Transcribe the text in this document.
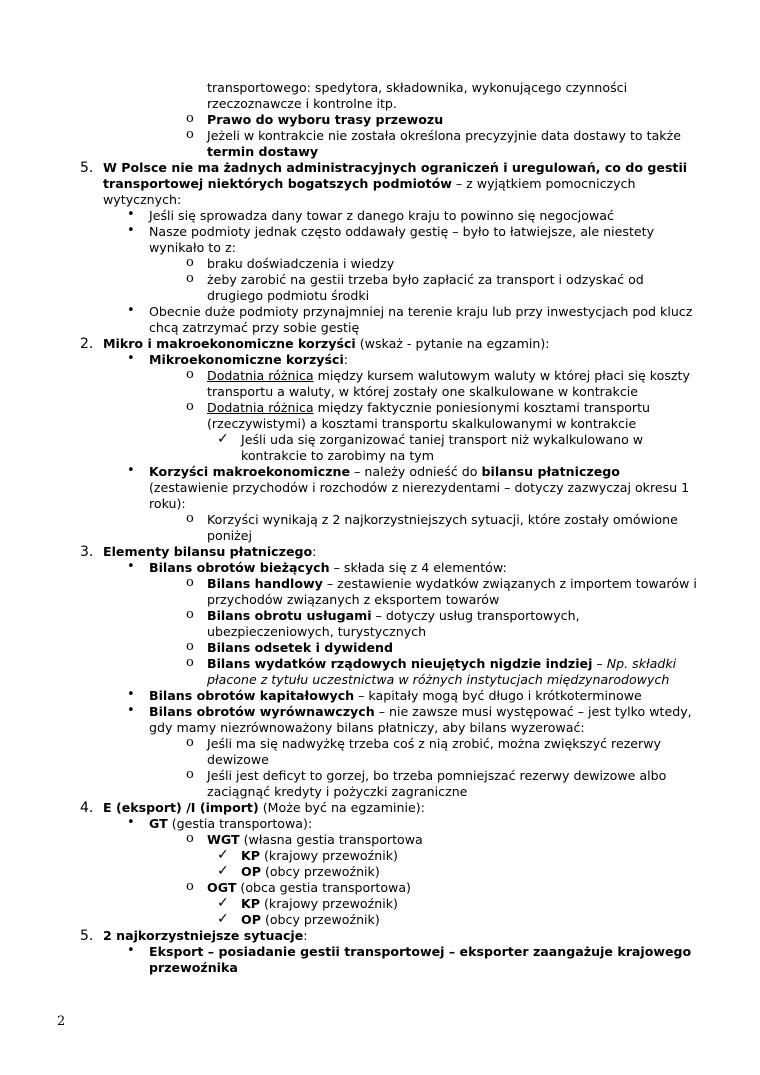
transportowego: spedytora, składownika, wykonującego czynności rzeczoznawcze i kontrolne itp.
o Prawo do wyboru trasy przewozu
o Jeżeli w kontrakcie nie została określona precyzyjnie data dostawy to także termin dostawy
5. W Polsce nie ma żadnych administracyjnych ograniczeń i uregulowań, co do gestii transportowej niektórych bogatszych podmiotów – z wyjątkiem pomocniczych wytycznych:
• Jeśli się sprowadza dany towar z danego kraju to powinno się negocjować
• Nasze podmioty jednak często oddawały gestię – było to łatwiejsze, ale niestety wynikało to z:
o braku doświadczenia i wiedzy
o żeby zarobić na gestii trzeba było zapłacić za transport i odzyskać od drugiego podmiotu środki
• Obecnie duże podmioty przynajmniej na terenie kraju lub przy inwestycjach pod klucz chcą zatrzymać przy sobie gestię
2. Mikro i makroekonomiczne korzyści (wskaż - pytanie na egzamin):
• Mikroekonomiczne korzyści:
o Dodatnia różnica między kursem walutowym waluty w której płaci się koszty transportu a waluty, w której zostały one skalkulowane w kontrakcie
o Dodatnia różnica między faktycznie poniesionymi kosztami transportu (rzeczywistymi) a kosztami transportu skalkulowanymi w kontrakcie
✓ Jeśli uda się zorganizować taniej transport niż wykalkulowano w kontrakcie to zarobimy na tym
• Korzyści makroekonomiczne – należy odnieść do bilansu płatniczego (zestawienie przychodów i rozchodów z nierezydentami – dotyczy zazwyczaj okresu 1 roku):
o Korzyści wynikają z 2 najkorzystniejszych sytuacji, które zostały omówione poniżej
3. Elementy bilansu płatniczego:
• Bilans obrotów bieżących – składa się z 4 elementów:
o Bilans handlowy – zestawienie wydatków związanych z importem towarów i przychodów związanych z eksportem towarów
o Bilans obrotu usługami – dotyczy usług transportowych, ubezpieczeniowych, turystycznych
o Bilans odsetek i dywidend
o Bilans wydatków rządowych nieujętych nigdzie indziej – Np. składki płacone z tytułu uczestnictwa w różnych instytucjach międzynarodowych
• Bilans obrotów kapitałowych – kapitały mogą być długo i krótkoterminowe
• Bilans obrotów wyrównawczych – nie zawsze musi występować – jest tylko wtedy, gdy mamy niezrównoważony bilans płatniczy, aby bilans wyzerować:
o Jeśli ma się nadwyżkę trzeba coś z nią zrobić, można zwiększyć rezerwy dewizowe
o Jeśli jest deficyt to gorzej, bo trzeba pomniejszać rezerwy dewizowe albo zaciągnąć kredyty i pożyczki zagraniczne
4. E (eksport) /I (import) (Może być na egzaminie):
• GT (gestia transportowa):
o WGT (własna gestia transportowa
✓ KP (krajowy przewoźnik)
✓ OP (obcy przewoźnik)
o OGT (obca gestia transportowa)
✓ KP (krajowy przewoźnik)
✓ OP (obcy przewoźnik)
5. 2 najkorzystniejsze sytuacje:
• Eksport – posiadanie gestii transportowej – eksporter zaangażuje krajowego przewoźnika
2
